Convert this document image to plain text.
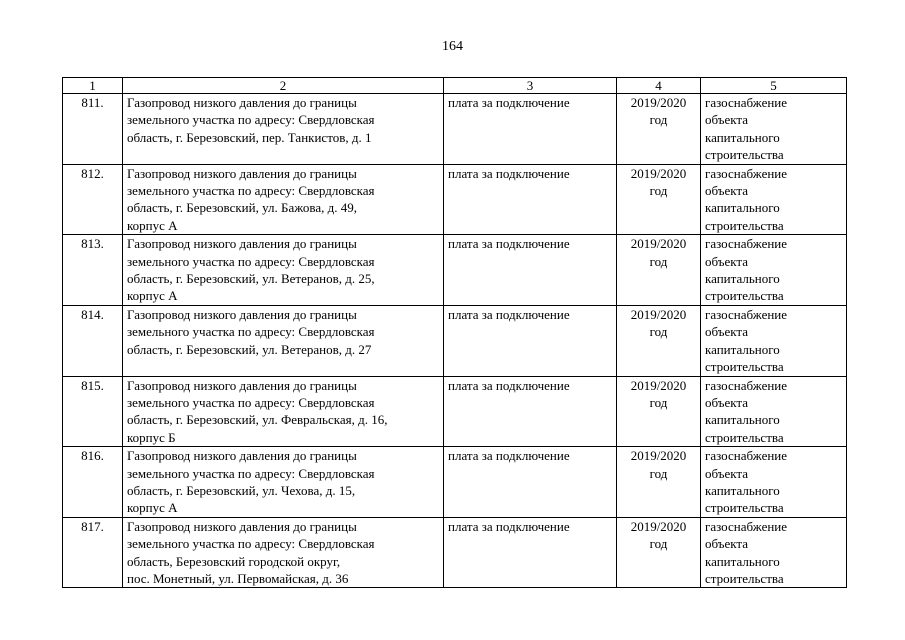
164
1	2	3	4	5
811.	Газопровод низкого давления до границы
земельного участка по адресу: Свердловская
область, г. Березовский, пер. Танкистов, д. 1	плата за подключение	2019/2020
год	газоснабжение
объекта
капитального
строительства

812.	Газопровод низкого давления до границы
земельного участка по адресу: Свердловская
область, г. Березовский, ул. Бажова, д. 49,
корпус А	плата за подключение	2019/2020
год	газоснабжение
объекта
капитального
строительства

813.	Газопровод низкого давления до границы
земельного участка по адресу: Свердловская
область, г. Березовский, ул. Ветеранов, д. 25,
корпус А	плата за подключение	2019/2020
год	газоснабжение
объекта
капитального
строительства

814.	Газопровод низкого давления до границы
земельного участка по адресу: Свердловская
область, г. Березовский, ул. Ветеранов, д. 27	плата за подключение	2019/2020
год	газоснабжение
объекта
капитального
строительства

815.	Газопровод низкого давления до границы
земельного участка по адресу: Свердловская
область, г. Березовский, ул. Февральская, д. 16,
корпус Б	плата за подключение	2019/2020
год	газоснабжение
объекта
капитального
строительства

816.	Газопровод низкого давления до границы
земельного участка по адресу: Свердловская
область, г. Березовский, ул. Чехова, д. 15,
корпус А	плата за подключение	2019/2020
год	газоснабжение
объекта
капитального
строительства

817.	Газопровод низкого давления до границы
земельного участка по адресу: Свердловская
область, Березовский городской округ,
пос. Монетный, ул. Первомайская, д. 36	плата за подключение	2019/2020
год	газоснабжение
объекта
капитального
строительства
